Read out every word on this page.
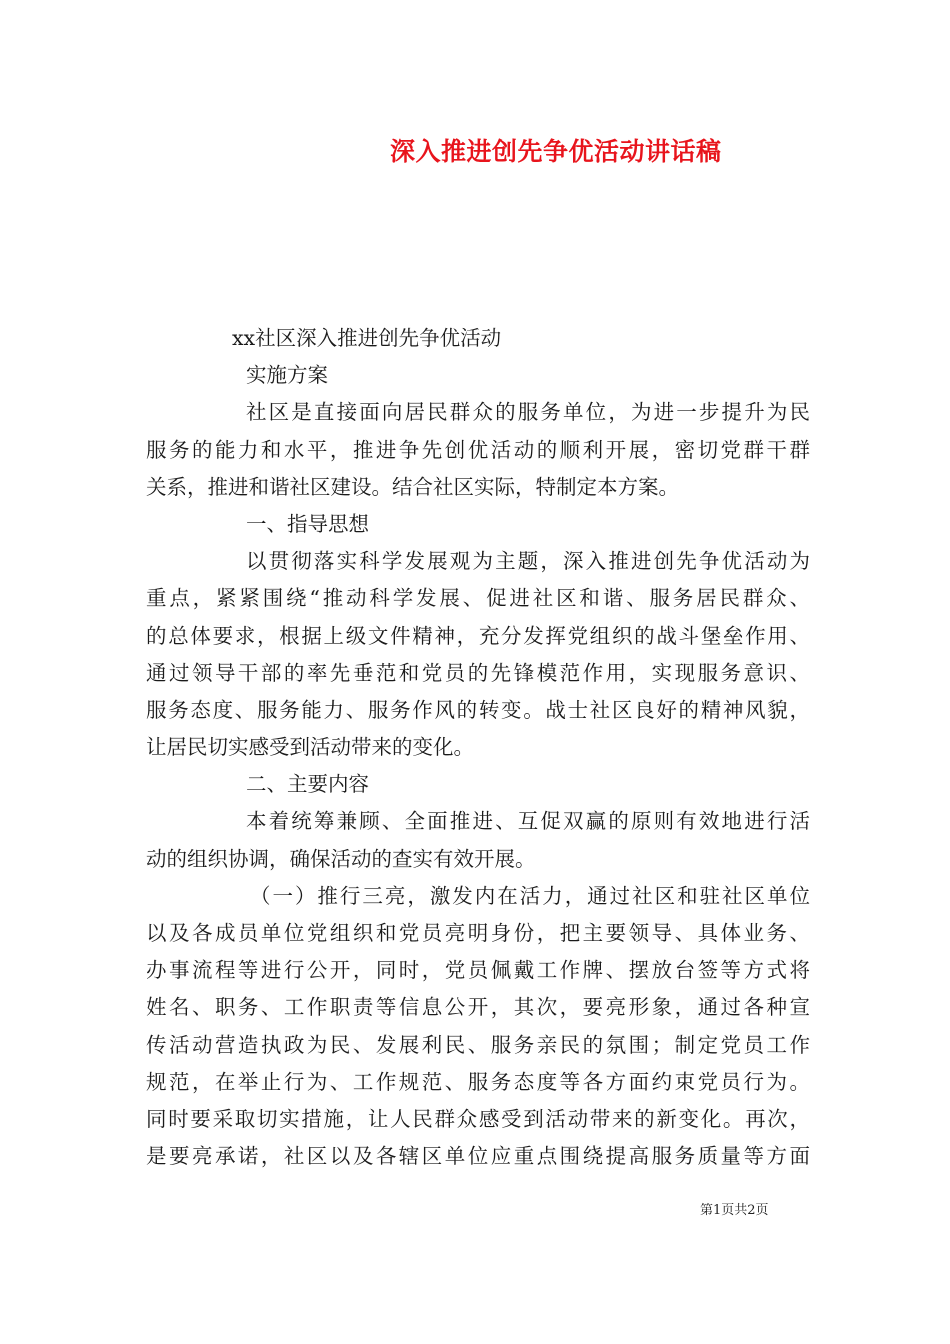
深入推进创先争优活动讲话稿
xx社区深入推进创先争优活动
实施方案
社区是直接面向居民群众的服务单位，为进一步提升为民
服务的能力和水平，推进争先创优活动的顺利开展，密切党群干群
关系，推进和谐社区建设。结合社区实际，特制定本方案。
一、指导思想
以贯彻落实科学发展观为主题，深入推进创先争优活动为
重点，紧紧围绕“推动科学发展、促进社区和谐、服务居民群众、
的总体要求，根据上级文件精神，充分发挥党组织的战斗堡垒作用、
通过领导干部的率先垂范和党员的先锋模范作用，实现服务意识、
服务态度、服务能力、服务作风的转变。战士社区良好的精神风貌，
让居民切实感受到活动带来的变化。
二、主要内容
本着统筹兼顾、全面推进、互促双赢的原则有效地进行活
动的组织协调，确保活动的查实有效开展。
（一）推行三亮，激发内在活力，通过社区和驻社区单位
以及各成员单位党组织和党员亮明身份，把主要领导、具体业务、
办事流程等进行公开，同时，党员佩戴工作牌、摆放台签等方式将
姓名、职务、工作职责等信息公开，其次，要亮形象，通过各种宣
传活动营造执政为民、发展利民、服务亲民的氛围；制定党员工作
规范，在举止行为、工作规范、服务态度等各方面约束党员行为。
同时要采取切实措施，让人民群众感受到活动带来的新变化。再次，
是要亮承诺，社区以及各辖区单位应重点围绕提高服务质量等方面
第1页共2页
